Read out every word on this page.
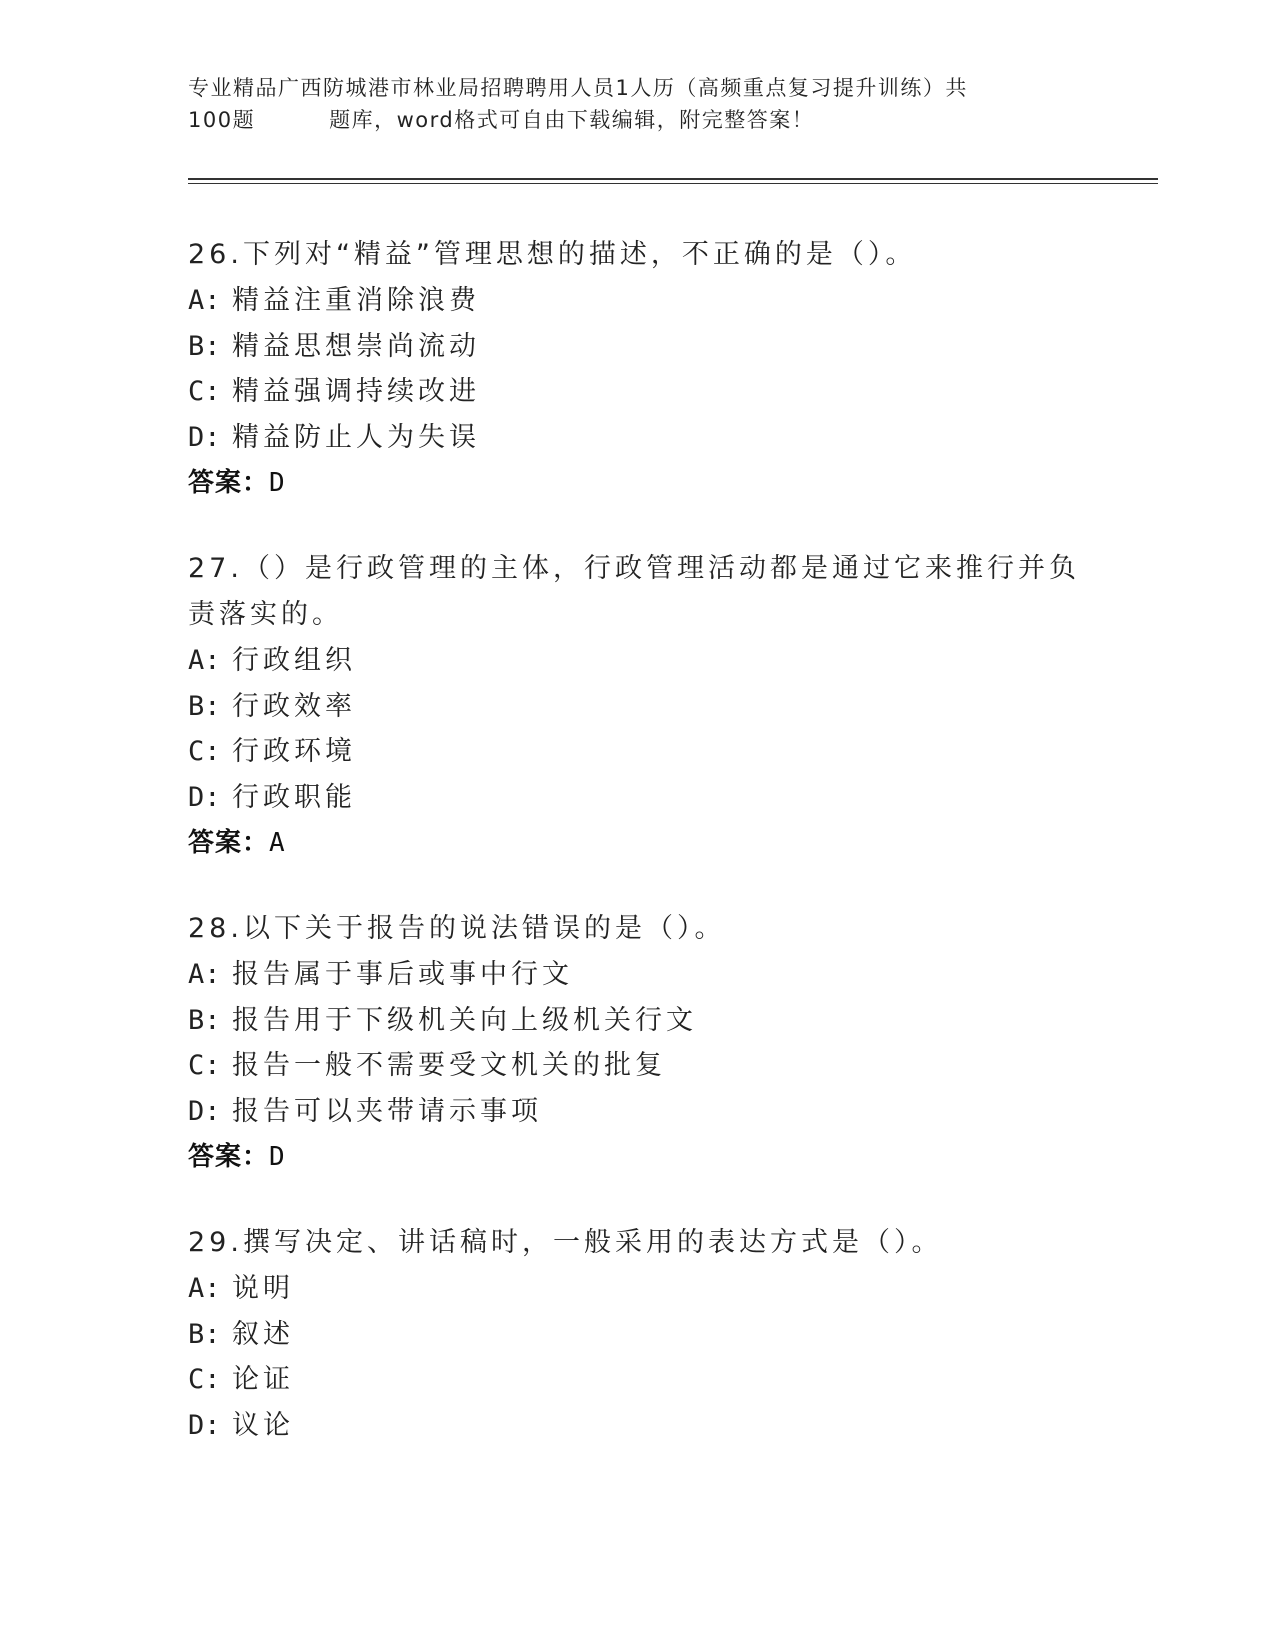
专业精品广西防城港市林业局招聘聘用人员1人历（高频重点复习提升训练）共
100题	题库，word格式可自由下载编辑，附完整答案！
26.下列对“精益”管理思想的描述，不正确的是（）。
A: 精益注重消除浪费
B: 精益思想崇尚流动
C: 精益强调持续改进
D: 精益防止人为失误
答案：D
27.（）是行政管理的主体，行政管理活动都是通过它来推行并负责落实的。
A: 行政组织
B: 行政效率
C: 行政环境
D: 行政职能
答案：A
28.以下关于报告的说法错误的是（）。
A: 报告属于事后或事中行文
B: 报告用于下级机关向上级机关行文
C: 报告一般不需要受文机关的批复
D: 报告可以夹带请示事项
答案：D
29.撰写决定、讲话稿时，一般采用的表达方式是（）。
A: 说明
B: 叙述
C: 论证
D: 议论
